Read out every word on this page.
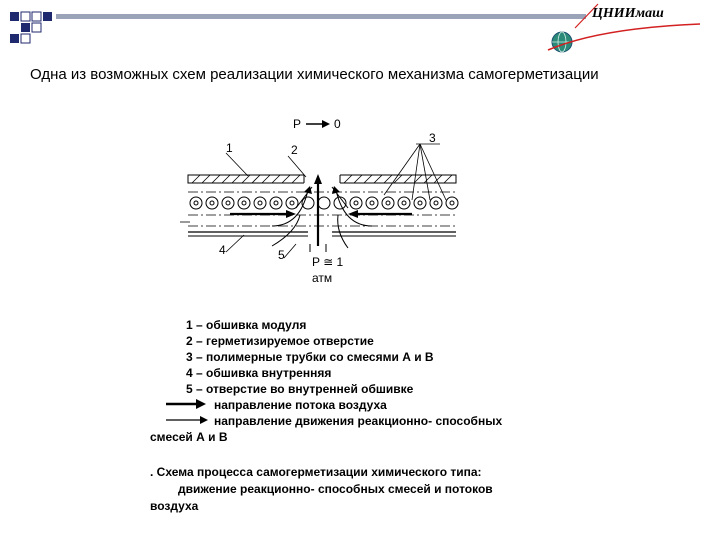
ЦНИИмаш
Одна из возможных схем реализации химического механизма самогерметизации
P	0
1	2
3
4	5 P ≅ 1
атм
1 – обшивка модуля
2 – герметизируемое отверстие
3 – полимерные трубки со смесями А и В
4 – обшивка внутренняя
5 – отверстие во внутренней обшивке
направление потока воздуха
направление движения реакционно- способных
смесей А и В
. Схема процесса самогерметизации химического типа:
движение реакционно- способных смесей и потоков
воздуха
